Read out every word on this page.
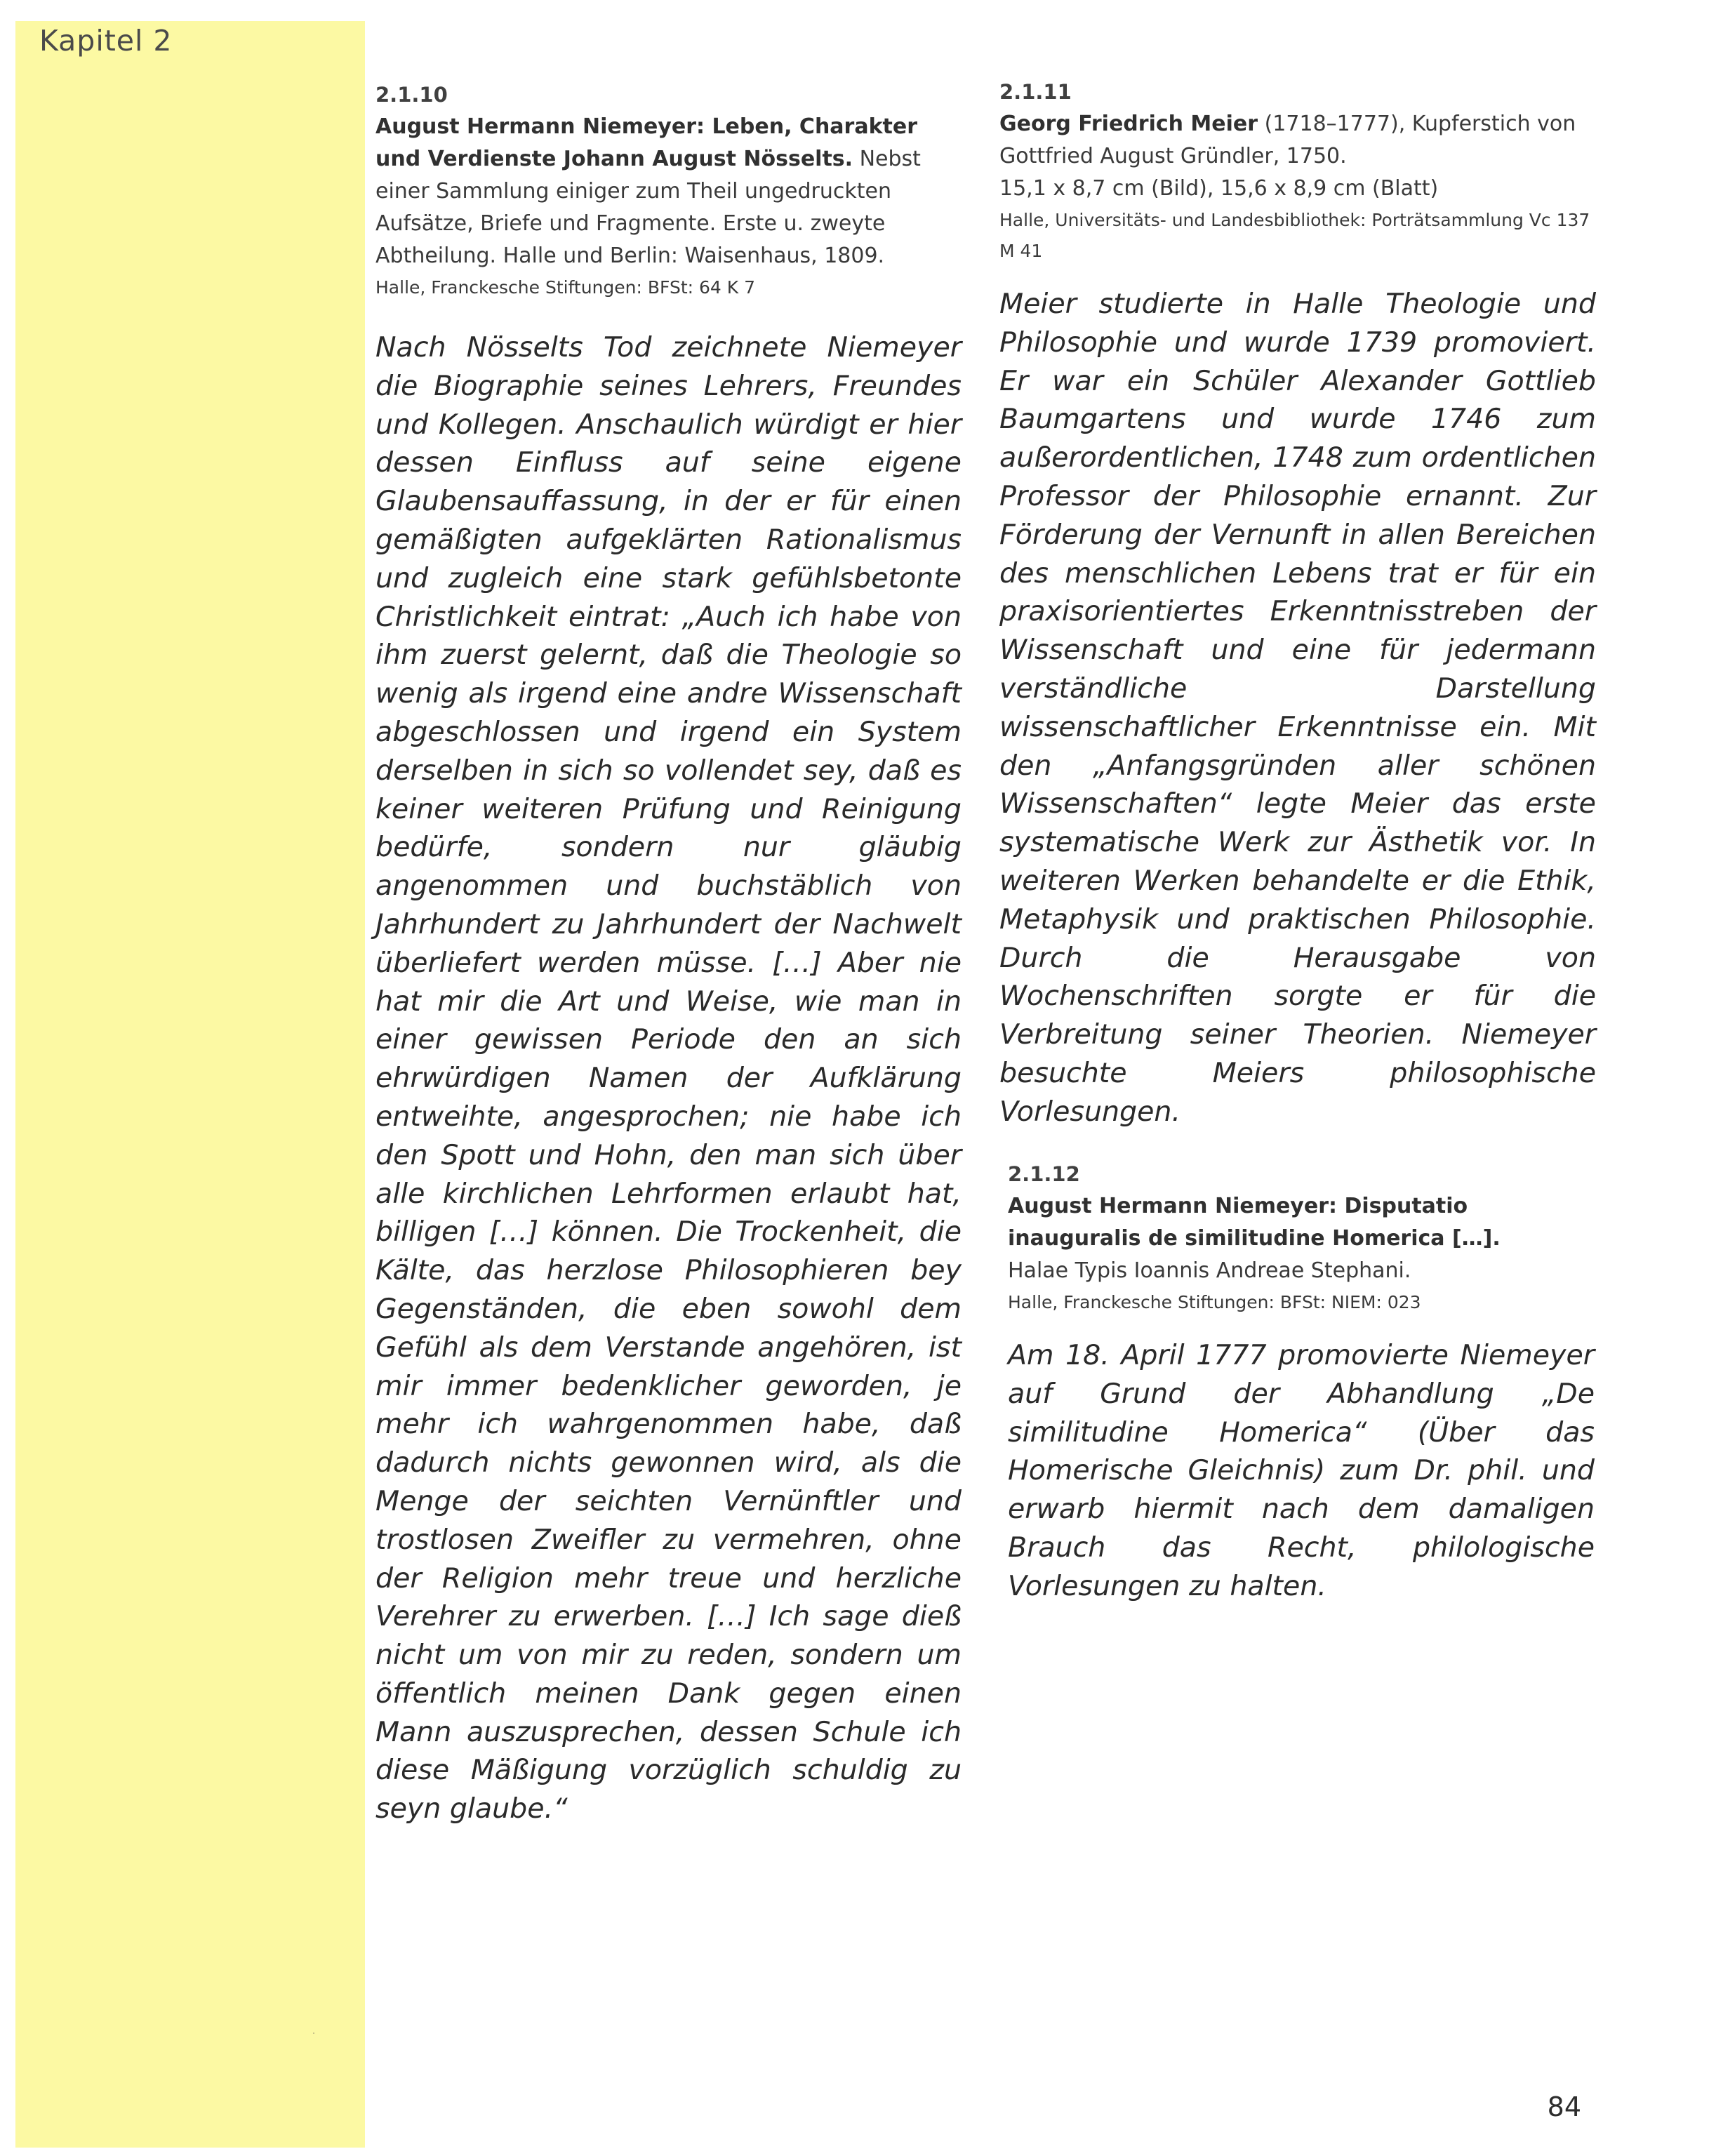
Kapitel 2
2.1.10
August Hermann Niemeyer: Leben, Charakter und Verdienste Johann August Nösselts. Nebst einer Sammlung einiger zum Theil ungedruckten Aufsätze, Briefe und Fragmente. Erste u. zweyte Abtheilung. Halle und Berlin: Waisenhaus, 1809.
Halle, Franckesche Stiftungen: BFSt: 64 K 7
Nach Nösselts Tod zeichnete Niemeyer die Biographie seines Lehrers, Freundes und Kollegen. Anschaulich würdigt er hier dessen Einfluss auf seine eigene Glaubensauffassung, in der er für einen gemäßigten aufgeklärten Rationalismus und zugleich eine stark gefühlsbetonte Christlichkeit eintrat: „Auch ich habe von ihm zuerst gelernt, daß die Theologie so wenig als irgend eine andre Wissenschaft abgeschlossen und irgend ein System derselben in sich so vollendet sey, daß es keiner weiteren Prüfung und Reinigung bedürfe, sondern nur gläubig angenommen und buchstäblich von Jahrhundert zu Jahrhundert der Nachwelt überliefert werden müsse. […] Aber nie hat mir die Art und Weise, wie man in einer gewissen Periode den an sich ehrwürdigen Namen der Aufklärung entweihte, angesprochen; nie habe ich den Spott und Hohn, den man sich über alle kirchlichen Lehrformen erlaubt hat, billigen […] können. Die Trockenheit, die Kälte, das herzlose Philosophieren bey Gegenständen, die eben sowohl dem Gefühl als dem Verstande angehören, ist mir immer bedenklicher geworden, je mehr ich wahrgenommen habe, daß dadurch nichts gewonnen wird, als die Menge der seichten Vernünftler und trostlosen Zweifler zu vermehren, ohne der Religion mehr treue und herzliche Verehrer zu erwerben. […] Ich sage dieß nicht um von mir zu reden, sondern um öffentlich meinen Dank gegen einen Mann auszusprechen, dessen Schule ich diese Mäßigung vorzüglich schuldig zu seyn glaube.“
2.1.11
Georg Friedrich Meier (1718–1777), Kupferstich von Gottfried August Gründler, 1750.
15,1 x 8,7 cm (Bild), 15,6 x 8,9 cm (Blatt)
Halle, Universitäts- und Landesbibliothek: Porträtsammlung Vc 137 M 41
Meier studierte in Halle Theologie und Philosophie und wurde 1739 promoviert. Er war ein Schüler Alexander Gottlieb Baumgartens und wurde 1746 zum außerordentlichen, 1748 zum ordentlichen Professor der Philosophie ernannt. Zur Förderung der Vernunft in allen Bereichen des menschlichen Lebens trat er für ein praxisorientiertes Erkenntnisstreben der Wissenschaft und eine für jedermann verständliche Darstellung wissenschaftlicher Erkenntnisse ein. Mit den „Anfangsgründen aller schönen Wissenschaften“ legte Meier das erste systematische Werk zur Ästhetik vor. In weiteren Werken behandelte er die Ethik, Metaphysik und praktischen Philosophie. Durch die Herausgabe von Wochenschriften sorgte er für die Verbreitung seiner Theorien. Niemeyer besuchte Meiers philosophische Vorlesungen.
2.1.12
August Hermann Niemeyer: Disputatio inauguralis de similitudine Homerica […].
Halae Typis Ioannis Andreae Stephani.
Halle, Franckesche Stiftungen: BFSt: NIEM: 023
Am 18. April 1777 promovierte Niemeyer auf Grund der Abhandlung „De similitudine Homerica“ (Über das Homerische Gleichnis) zum Dr. phil. und erwarb hiermit nach dem damaligen Brauch das Recht, philologische Vorlesungen zu halten.
84
